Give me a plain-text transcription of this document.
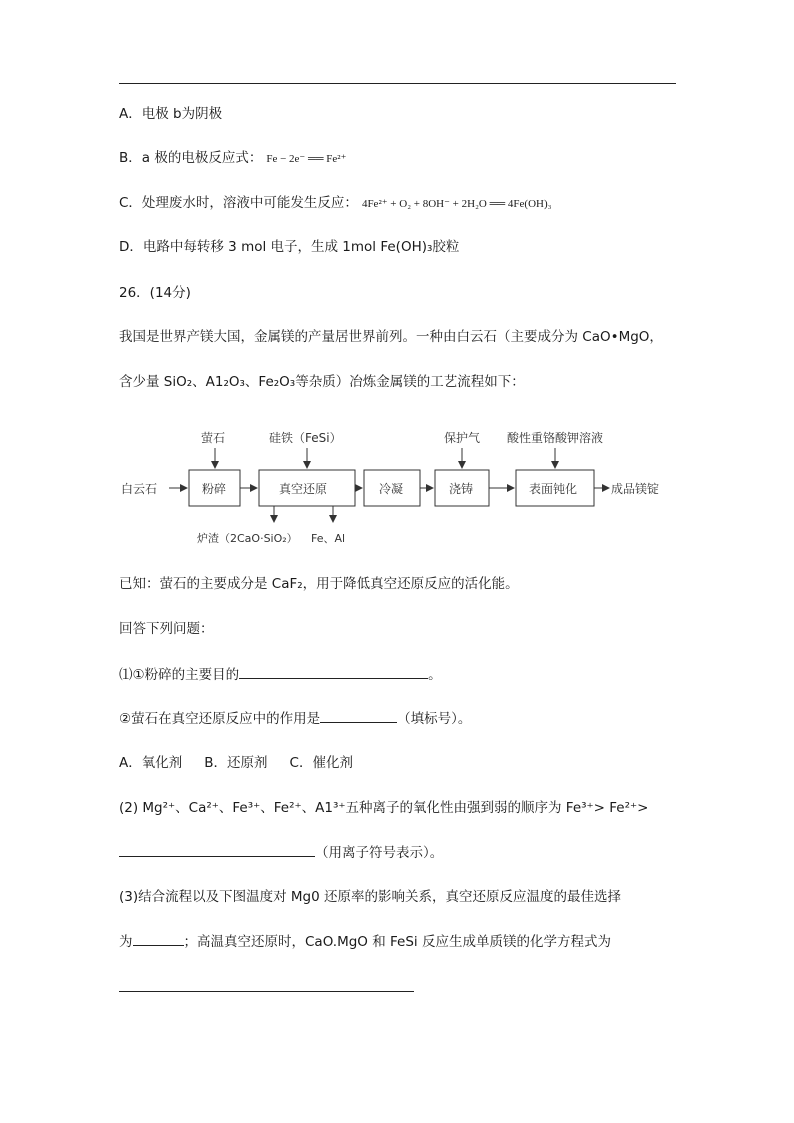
A．电极 b为阴极
B．a 极的电极反应式： Fe − 2e⁻ ══ Fe²⁺
C．处理废水时，溶液中可能发生反应： 4Fe²⁺ + O₂ + 8OH⁻ + 2H₂O ══ 4Fe(OH)₃
D．电路中每转移 3 mol 电子，生成 1mol Fe(OH)₃胶粒
26．(14分)
我国是世界产镁大国，金属镁的产量居世界前列。一种由白云石（主要成分为 CaO•MgO，
含少量 SiO₂、A1₂O₃、Fe₂O₃等杂质）冶炼金属镁的工艺流程如下：
白云石	粉碎	真空还原	冷凝	浇铸	表面钝化	成品镁锭
萤石	硅铁（FeSi）	保护气 酸性重铬酸钾溶液
炉渣（2CaO·SiO₂） Fe、Al
已知：萤石的主要成分是 CaF₂，用于降低真空还原反应的活化能。
回答下列问题：
⑴①粉碎的主要目的	。
②萤石在真空还原反应中的作用是	（填标号）。
A．氧化剂 B．还原剂 C．催化剂
(2) Mg²⁺、Ca²⁺、Fe³⁺、Fe²⁺、A1³⁺五种离子的氧化性由强到弱的顺序为 Fe³⁺> Fe²⁺>
（用离子符号表示）。
(3)结合流程以及下图温度对 Mg0 还原率的影响关系，真空还原反应温度的最佳选择
为	；高温真空还原时，CaO.MgO 和 FeSi 反应生成单质镁的化学方程式为
